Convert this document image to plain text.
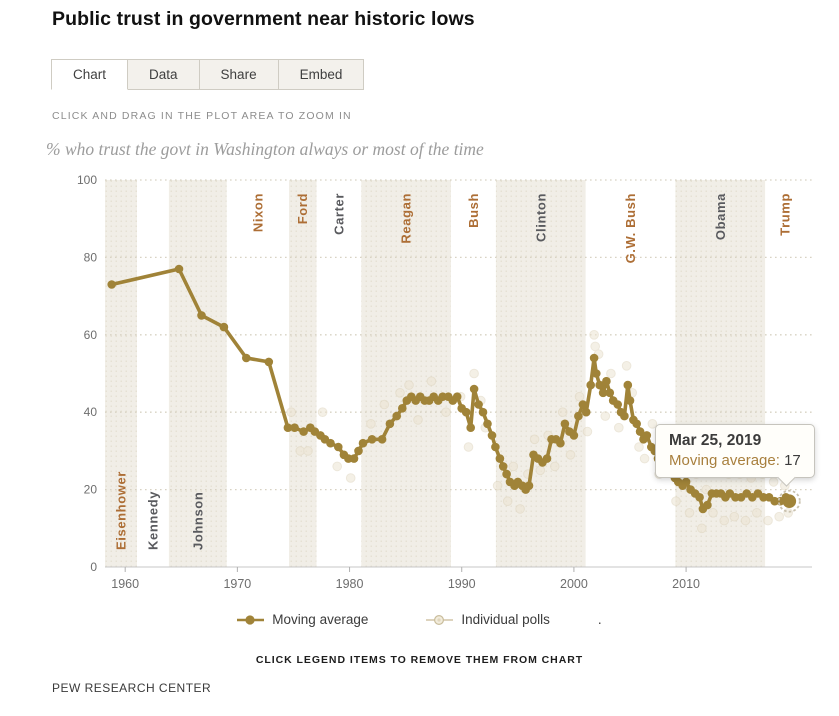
Public trust in government near historic lows
Chart	Data	Share	Embed
CLICK AND DRAG IN THE PLOT AREA TO ZOOM IN
% who trust the govt in Washington always or most of the time
0
20
40
60
80
100
1960	1970	1980	1990	2000	2010
Eisenhower Kennedy Johnson
Nixon Ford Carter	Reagan	Bush	Clinton	G.W. Bush	Obama	Trump
Mar 25, 2019
Moving average: 17
Moving average	Individual polls	.
CLICK LEGEND ITEMS TO REMOVE THEM FROM CHART
PEW RESEARCH CENTER
